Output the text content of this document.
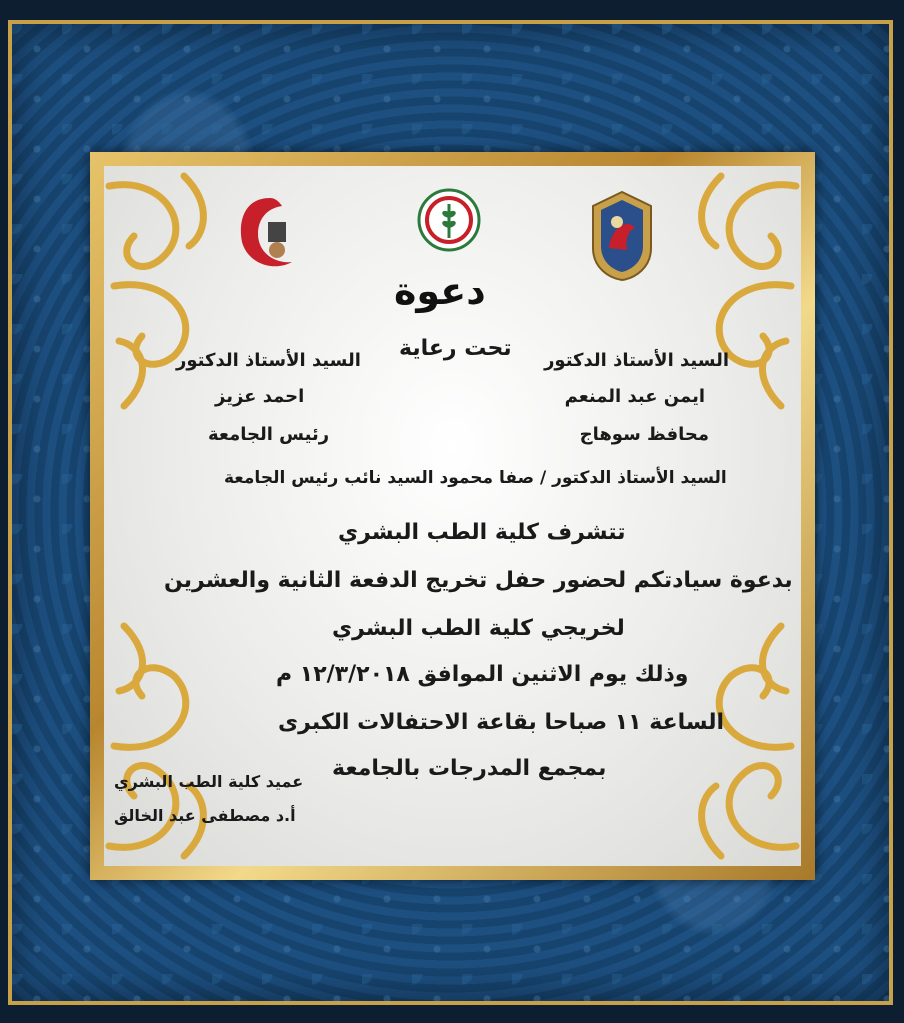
دعوة
تحت رعاية السيد الأستاذ الدكتور
ايمن عبد المنعم
محافظ سوهاج
السيد الأستاذ الدكتور
احمد عزيز
رئيس الجامعة
السيد الأستاذ الدكتور / صفا محمود السيد نائب رئيس الجامعة
تتشرف كلية الطب البشري
بدعوة سيادتكم لحضور حفل تخريج الدفعة الثانية والعشرين
لخريجي كلية الطب البشري
وذلك يوم الاثنين الموافق ١٢/٣/٢٠١٨ م
الساعة ١١ صباحا بقاعة الاحتفالات الكبرى
بمجمع المدرجات بالجامعة
عميد كلية الطب البشري
أ.د مصطفى عبد الخالق
